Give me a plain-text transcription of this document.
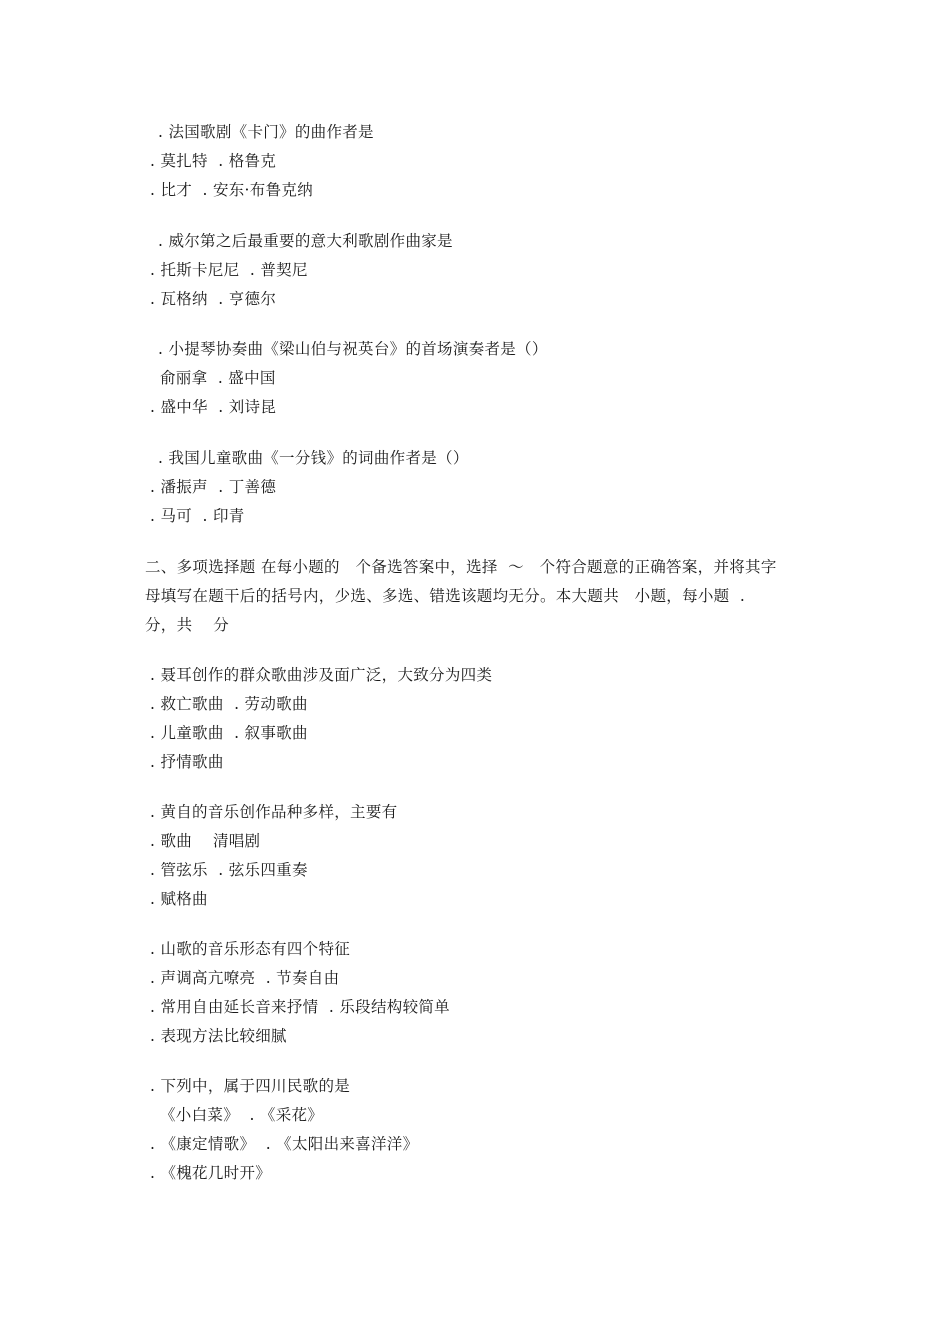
. 法国歌剧《卡门》的曲作者是
. 莫扎特  . 格鲁克
. 比才  . 安东·布鲁克纳
. 威尔第之后最重要的意大利歌剧作曲家是
. 托斯卡尼尼  . 普契尼
. 瓦格纳  . 亨德尔
. 小提琴协奏曲《梁山伯与祝英台》的首场演奏者是（）
俞丽拿  . 盛中国
. 盛中华  . 刘诗昆
. 我国儿童歌曲《一分钱》的词曲作者是（）
. 潘振声  . 丁善德
. 马可  . 印青
二、多项选择题 在每小题的   个备选答案中，选择  ～   个符合题意的正确答案，并将其字
母填写在题干后的括号内，少选、多选、错选该题均无分。本大题共   小题，每小题  .
分，共    分
. 聂耳创作的群众歌曲涉及面广泛，大致分为四类
. 救亡歌曲  . 劳动歌曲
. 儿童歌曲  . 叙事歌曲
. 抒情歌曲
. 黄自的音乐创作品种多样，主要有
. 歌曲    清唱剧
. 管弦乐  . 弦乐四重奏
. 赋格曲
. 山歌的音乐形态有四个特征
. 声调高亢嘹亮  . 节奏自由
. 常用自由延长音来抒情  . 乐段结构较简单
. 表现方法比较细腻
. 下列中，属于四川民歌的是
《小白菜》  . 《采花》
. 《康定情歌》  . 《太阳出来喜洋洋》
. 《槐花几时开》
